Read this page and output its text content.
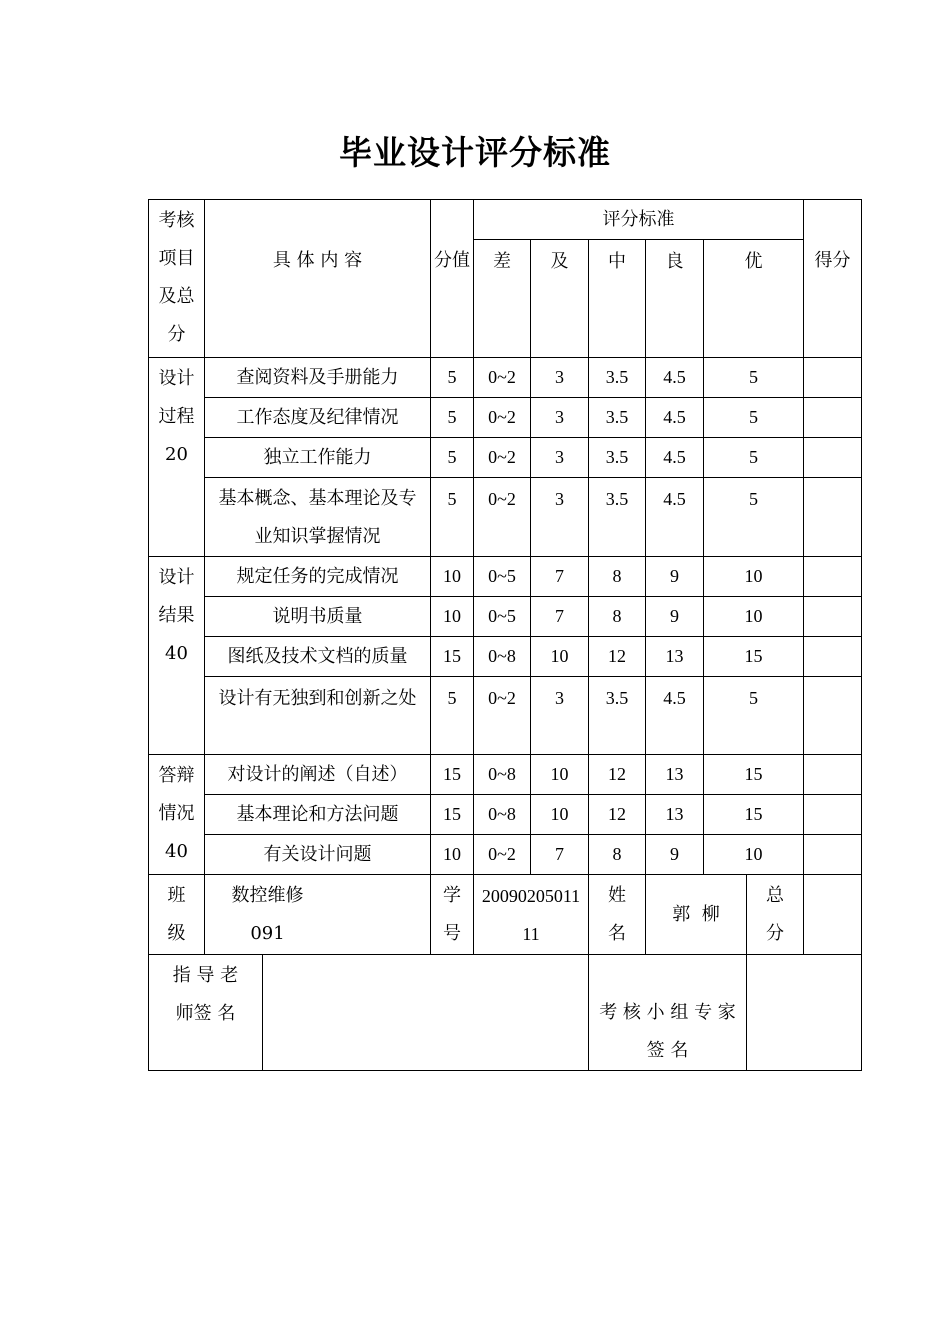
毕业设计评分标准
考核项目及总分	具 体 内 容		分值	评分标准						得分
				差	及	中	良	优		
设计过程20	查阅资料及手册能力		5	0~2	3	3.5	4.5	5		
	工作态度及纪律情况		5	0~2	3	3.5	4.5	5		
	独立工作能力		5	0~2	3	3.5	4.5	5		
	基本概念、基本理论及专业知识掌握情况		5	0~2	3	3.5	4.5	5		
设计结果40	规定任务的完成情况		10	0~5	7	8	9	10		
	说明书质量		10	0~5	7	8	9	10		
	图纸及技术文档的质量		15	0~8	10	12	13	15		
	设计有无独到和创新之处		5	0~2	3	3.5	4.5	5		
答辩情况40	对设计的阐述（自述）		15	0~8	10	12	13	15		
	基本理论和方法问题		15	0~8	10	12	13	15		
	有关设计问题		10	0~2	7	8	9	10		
班级	数控维修091		学号	2009020501111		姓名	郭  柳		总分	
指 导 老 师签 名						考 核 小 组 专 家 签 名				
